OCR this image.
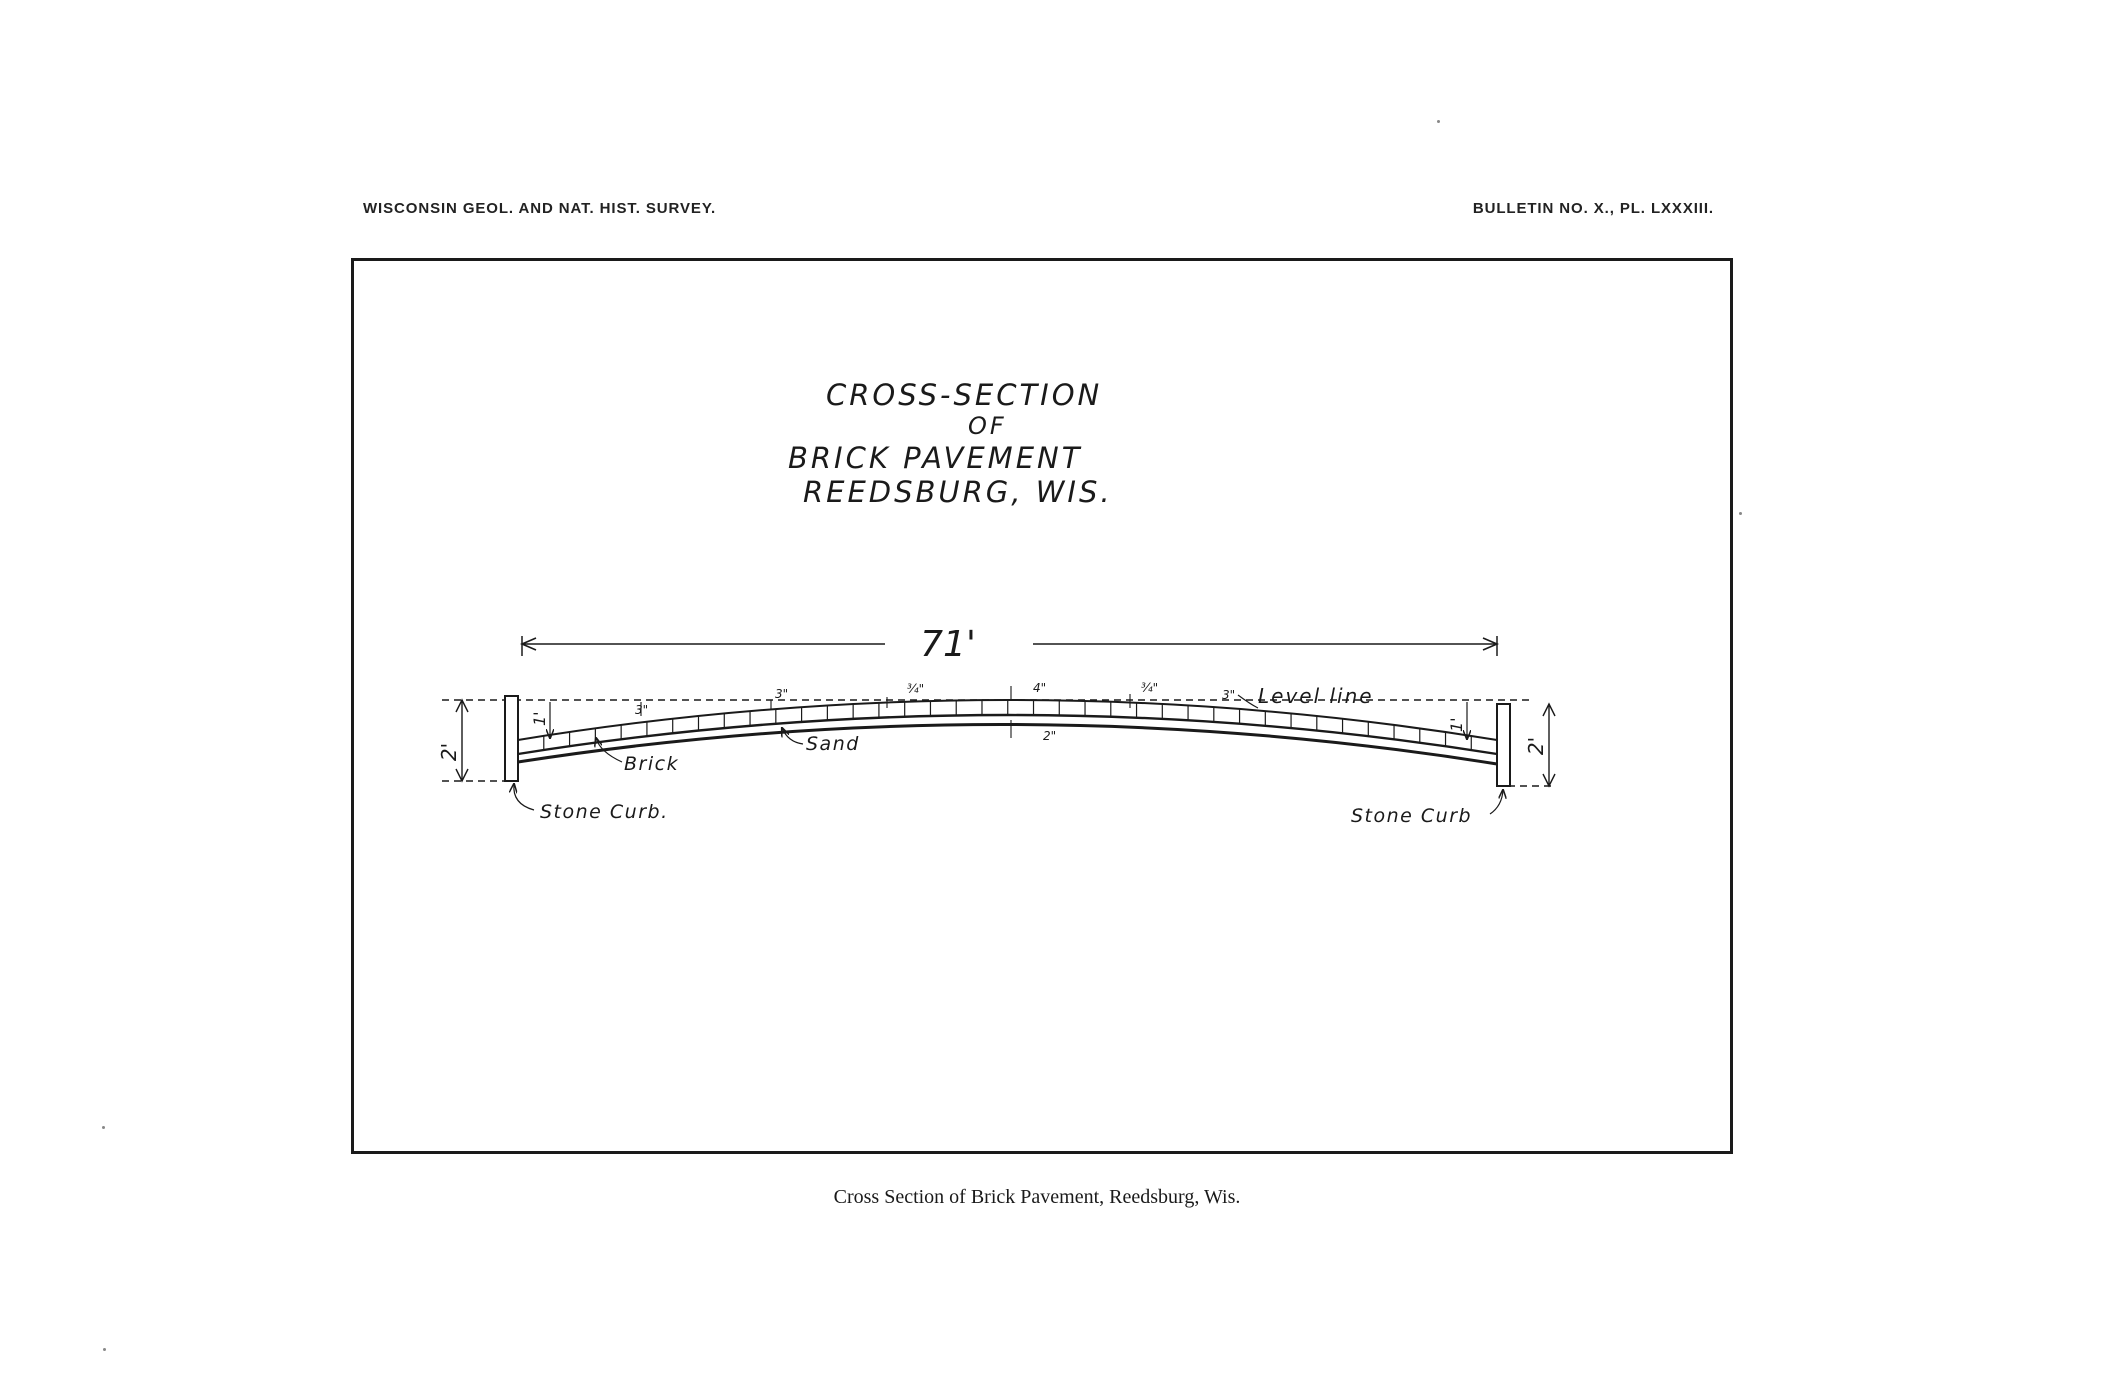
WISCONSIN GEOL. AND NAT. HIST. SURVEY.	BULLETIN NO. X., PL. LXXXIII.
CROSS-SECTION
OF
BRICK PAVEMENT
REEDSBURG, WIS.
71'
2'	2'
1'	1'
3"
3"	¾"	4"	¾"	3"
2"
Level line
Brick
Sand
Stone Curb.	Stone Curb
Cross Section of Brick Pavement, Reedsburg, Wis.
